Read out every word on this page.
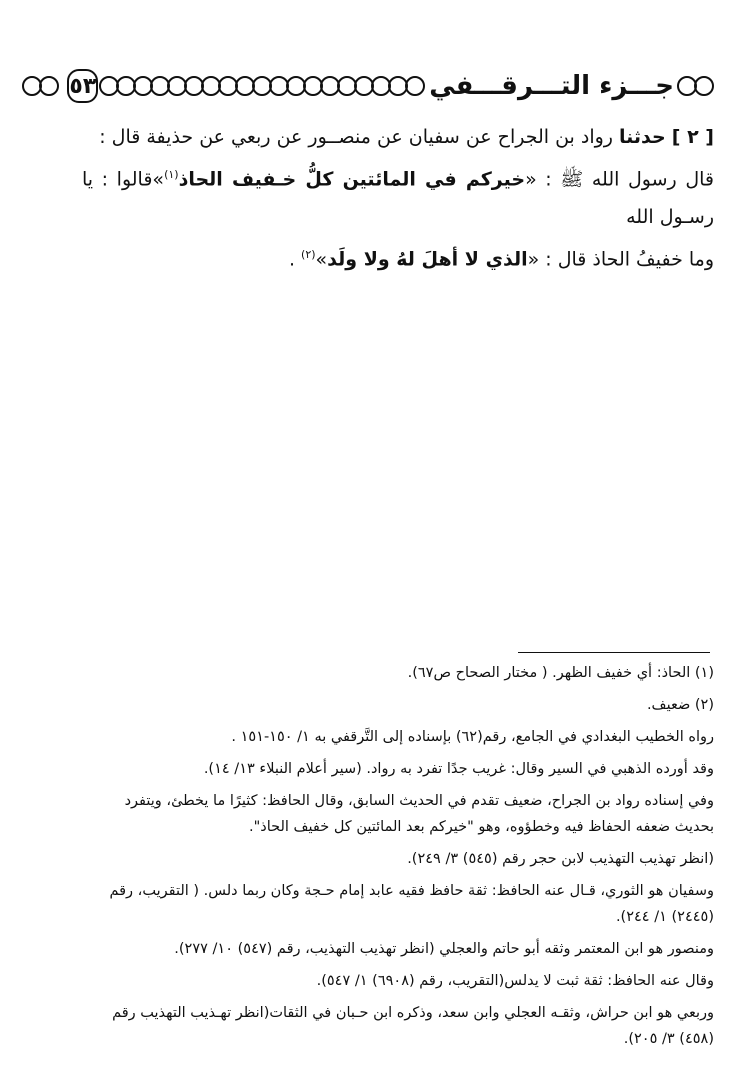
جـــزء التـــرقـــفي
٥٣

[ ٢ ] حدثنا رواد بن الجراح عن سفيان عن منصــور عن ربعي عن حذيفة قال :

قال رسول الله ﷺ : «خيركم في المائتين كلُّ خـفيف الحاذ$^{(١)}$»قالوا : يا رسـول الله

وما خفيفُ الحاذ قال : «الذي لا أهلَ لهُ ولا ولَد»$^{(٢)}$ .

(١) الحاذ: أي خفيف الظهر. ( مختار الصحاح ص٦٧).

(٢) ضعيف.

رواه الخطيب البغدادي في الجامع، رقم(٦٢) بإسناده إلى التَّرقفي به ١/ ١٥٠-١٥١ .

وقد أورده الذهبي في السير وقال: غريب جدًا تفرد به رواد. (سير أعلام النبلاء ١٣/ ١٤).

وفي إسناده رواد بن الجراح، ضعيف تقدم في الحديث السابق، وقال الحافظ: كثيرًا ما يخطئ، ويتفرد بحديث ضعفه الحفاظ فيه وخطؤوه، وهو "خيركم بعد المائتين كل خفيف الحاذ".

(انظر تهذيب التهذيب لابن حجر رقم (٥٤٥) ٣/ ٢٤٩).

وسفيان هو الثوري، قـال عنه الحافظ: ثقة حافظ فقيه عابد إمام حـجة وكان ربما دلس. ( التقريب، رقم (٢٤٤٥) ١/ ٢٤٤).

ومنصور هو ابن المعتمر وثقه أبو حاتم والعجلي (انظر تهذيب التهذيب، رقم (٥٤٧) ١٠/ ٢٧٧).

وقال عنه الحافظ: ثقة ثبت لا يدلس(التقريب، رقم (٦٩٠٨) ١/ ٥٤٧).

وربعي هو ابن حراش، وثقـه العجلي وابن سعد، وذكره ابن حـبان في الثقات(انظر تهـذيب التهذيب رقم (٤٥٨) ٣/ ٢٠٥).
